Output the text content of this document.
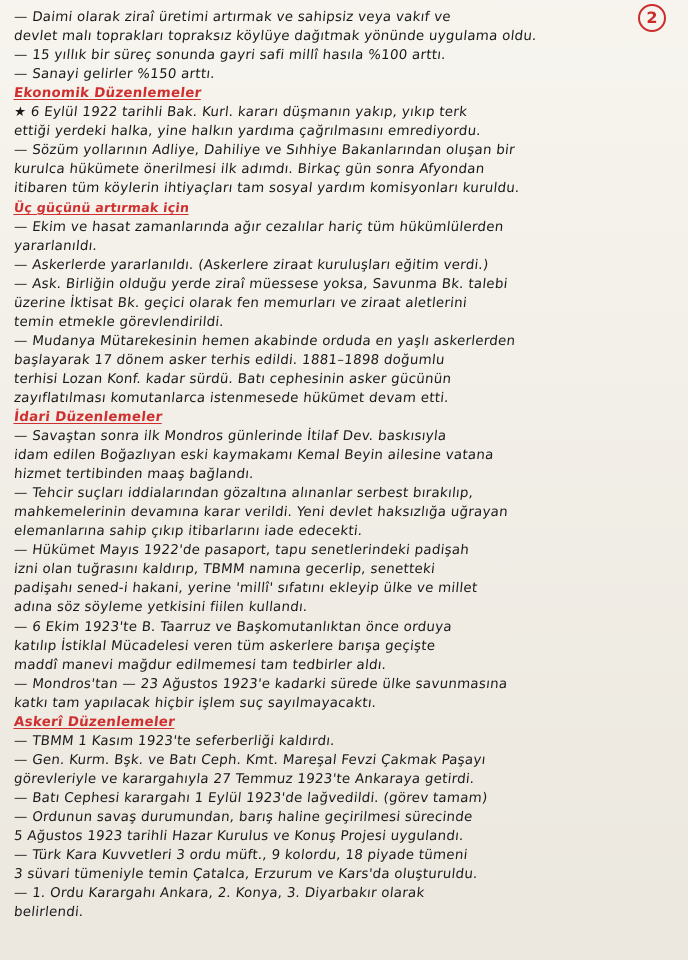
2
— Daimi olarak ziraî üretimi artırmak ve sahipsiz veya vakıf ve
devlet malı toprakları topraksız köylüye dağıtmak yönünde uygulama oldu.
— 15 yıllık bir süreç sonunda gayri safi millî hasıla %100 arttı.
— Sanayi gelirler %150 arttı.
Ekonomik Düzenlemeler
★ 6 Eylül 1922 tarihli Bak. Kurl. kararı düşmanın yakıp, yıkıp terk
ettiği yerdeki halka, yine halkın yardıma çağrılmasını emrediyordu.
— Sözüm yollarının Adliye, Dahiliye ve Sıhhiye Bakanlarından oluşan bir
kurulca hükümete önerilmesi ilk adımdı. Birkaç gün sonra Afyondan
itibaren tüm köylerin ihtiyaçları tam sosyal yardım komisyonları kuruldu.
Üç güçünü artırmak için
— Ekim ve hasat zamanlarında ağır cezalılar hariç tüm hükümlülerden
yararlanıldı.
— Askerlerde yararlanıldı. (Askerlere ziraat kuruluşları eğitim verdi.)
— Ask. Birliğin olduğu yerde ziraî müessese yoksa, Savunma Bk. talebi
üzerine İktisat Bk. geçici olarak fen memurları ve ziraat aletlerini
temin etmekle görevlendirildi.
— Mudanya Mütarekesinin hemen akabinde orduda en yaşlı askerlerden
başlayarak 17 dönem asker terhis edildi. 1881–1898 doğumlu
terhisi Lozan Konf. kadar sürdü. Batı cephesinin asker gücünün
zayıflatılması komutanlarca istenmesede hükümet devam etti.
İdari Düzenlemeler
— Savaştan sonra ilk Mondros günlerinde İtilaf Dev. baskısıyla
idam edilen Boğazlıyan eski kaymakamı Kemal Beyin ailesine vatana
hizmet tertibinden maaş bağlandı.
— Tehcir suçları iddialarından gözaltına alınanlar serbest bırakılıp,
mahkemelerinin devamına karar verildi. Yeni devlet haksızlığa uğrayan
elemanlarına sahip çıkıp itibarlarını iade edecekti.
— Hükümet Mayıs 1922'de pasaport, tapu senetlerindeki padişah
izni olan tuğrasını kaldırıp, TBMM namına gecerlip, senetteki
padişahı sened-i hakani, yerine 'millî' sıfatını ekleyip ülke ve millet
adına söz söyleme yetkisini fiilen kullandı.
— 6 Ekim 1923'te B. Taarruz ve Başkomutanlıktan önce orduya
katılıp İstiklal Mücadelesi veren tüm askerlere barışa geçişte
maddî manevi mağdur edilmemesi tam tedbirler aldı.
— Mondros'tan — 23 Ağustos 1923'e kadarki sürede ülke savunmasına
katkı tam yapılacak hiçbir işlem suç sayılmayacaktı.
Askerî Düzenlemeler
— TBMM 1 Kasım 1923'te seferberliği kaldırdı.
— Gen. Kurm. Bşk. ve Batı Ceph. Kmt. Mareşal Fevzi Çakmak Paşayı
görevleriyle ve karargahıyla 27 Temmuz 1923'te Ankaraya getirdi.
— Batı Cephesi karargahı 1 Eylül 1923'de lağvedildi. (görev tamam)
— Ordunun savaş durumundan, barış haline geçirilmesi sürecinde
5 Ağustos 1923 tarihli Hazar Kurulus ve Konuş Projesi uygulandı.
— Türk Kara Kuvvetleri 3 ordu müft., 9 kolordu, 18 piyade tümeni
3 süvari tümeniyle temin Çatalca, Erzurum ve Kars'da oluşturuldu.
— 1. Ordu Karargahı Ankara, 2. Konya, 3. Diyarbakır olarak
belirlendi.
